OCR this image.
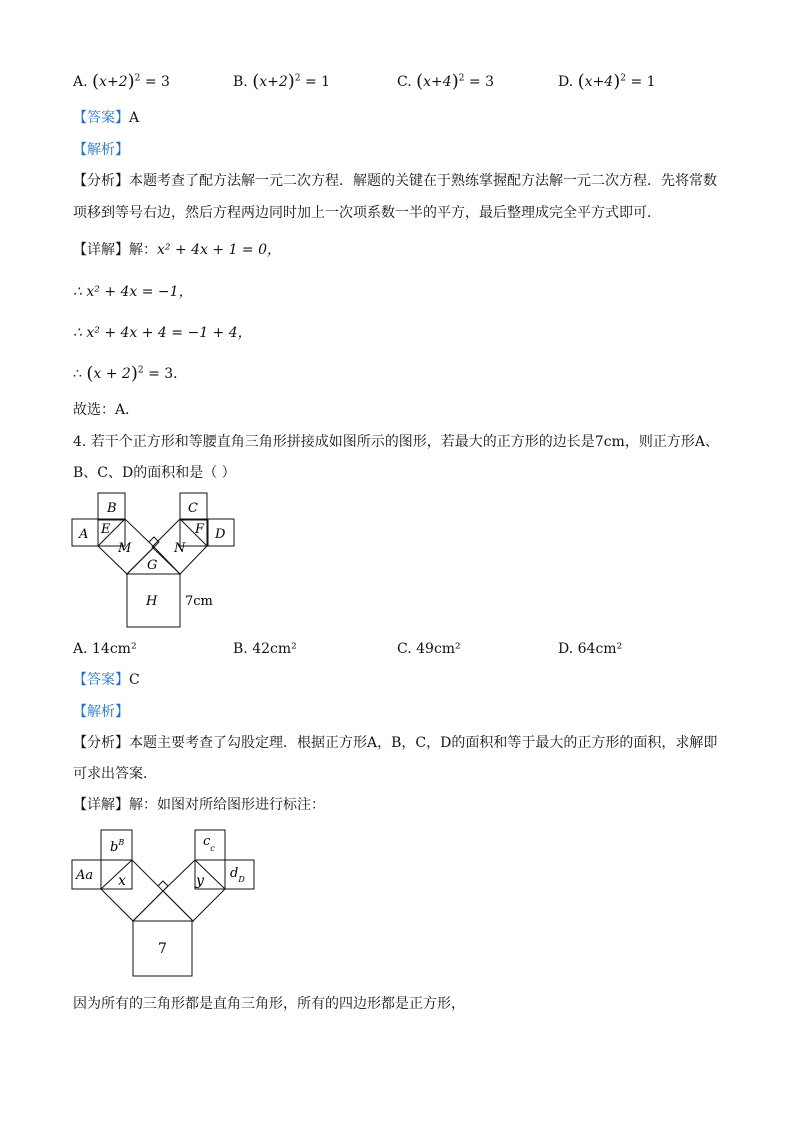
A. $(x+2)^2 = 3$	B. $(x+2)^2 = 1$	C. $(x+4)^2 = 3$	D. $(x+4)^2 = 1$
【答案】A
【解析】
【分析】本题考查了配方法解一元二次方程．解题的关键在于熟练掌握配方法解一元二次方程．先将常数
项移到等号右边，然后方程两边同时加上一次项系数一半的平方，最后整理成完全平方式即可．
【详解】解：x² + 4x + 1 = 0，
∴ x² + 4x = −1，
∴ x² + 4x + 4 = −1 + 4，
∴ $(x + 2)^2 = 3$．
故选：A．
4. 若干个正方形和等腰直角三角形拼接成如图所示的图形，若最大的正方形的边长是7cm，则正方形A、
B、C、D的面积和是（ ）
B	C
A	D
E	F
M	N
G
H 7cm
A. 14cm²	B. 42cm²	C. 49cm²	D. 64cm²
【答案】C
【解析】
【分析】本题主要考查了勾股定理．根据正方形A，B，C，D的面积和等于最大的正方形的面积，求解即
可求出答案．
【详解】解：如图对所给图形进行标注：
$b^B$	$c_c$
Aa	$d_D$
x	y
7
因为所有的三角形都是直角三角形，所有的四边形都是正方形，
